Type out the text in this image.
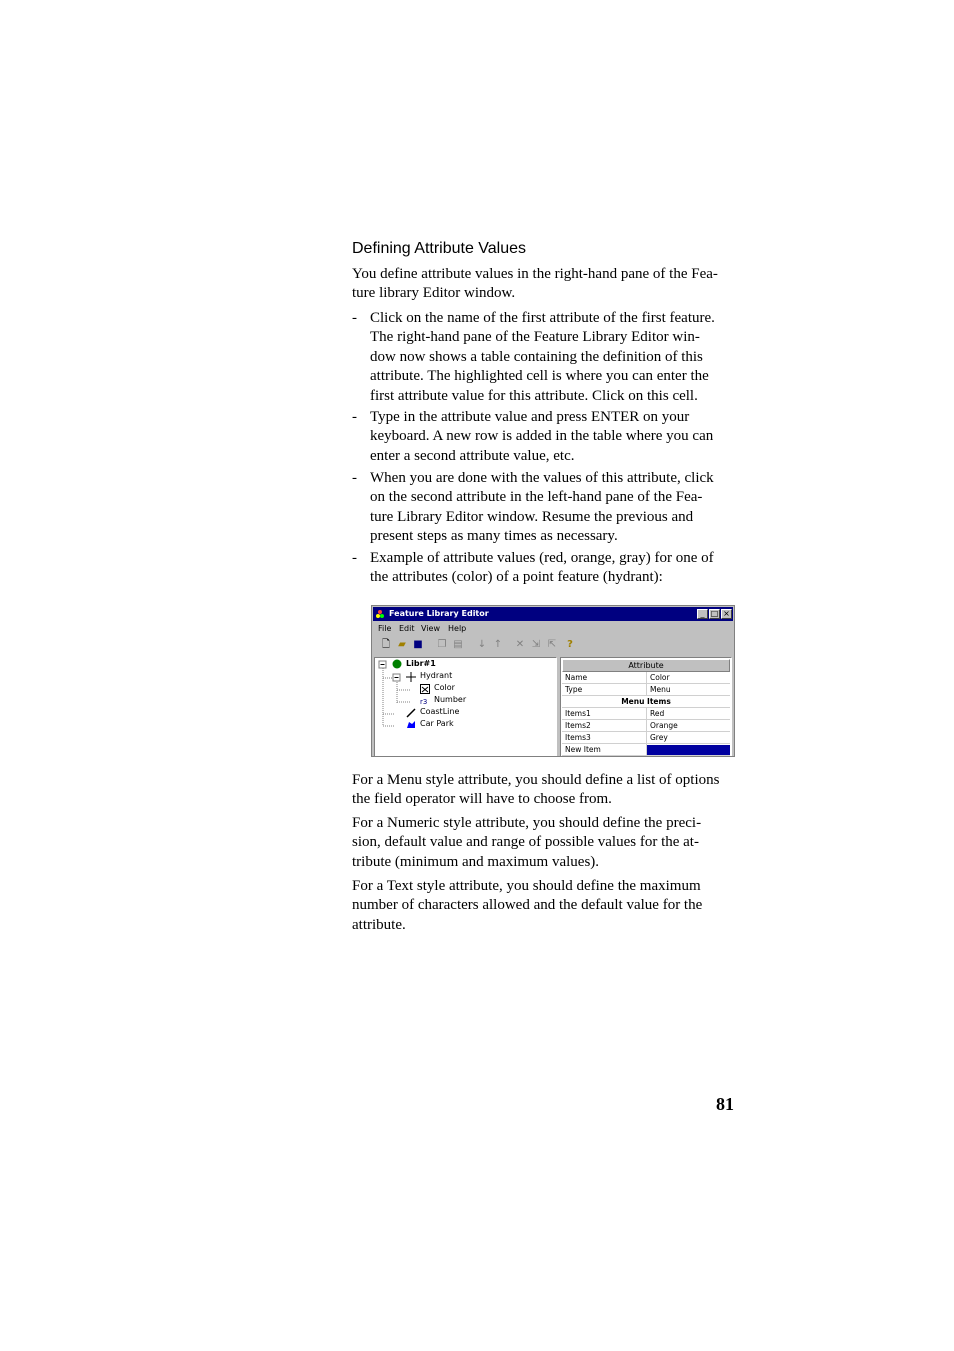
Defining Attribute Values
You define attribute values in the right-hand pane of the Fea-
ture library Editor window.
- Click on the name of the first attribute of the first feature.
The right-hand pane of the Feature Library Editor win-
dow now shows a table containing the definition of this
attribute. The highlighted cell is where you can enter the
first attribute value for this attribute. Click on this cell.
- Type in the attribute value and press ENTER on your
keyboard. A new row is added in the table where you can
enter a second attribute value, etc.
- When you are done with the values of this attribute, click
on the second attribute in the left-hand pane of the Fea-
ture Library Editor window. Resume the previous and
present steps as many times as necessary.
- Example of attribute values (red, orange, gray) for one of
the attributes (color) of a point feature (hydrant):
Feature Library Editor	_ □ ×
File Edit View Help
🗋 ▰ ■ ❐ ▤ ↓ ↑ ✕ ⇲ ⇱	?
Libr#1
Hydrant
Color
r3 Number
CoastLine
Car Park
Attribute
Name	Color
Type	Menu
Menu Items
Items1	Red
Items2	Orange
Items3	Grey
New Item
For a Menu style attribute, you should define a list of options
the field operator will have to choose from.
For a Numeric style attribute, you should define the preci-
sion, default value and range of possible values for the at-
tribute (minimum and maximum values).
For a Text style attribute, you should define the maximum
number of characters allowed and the default value for the
attribute.
81
